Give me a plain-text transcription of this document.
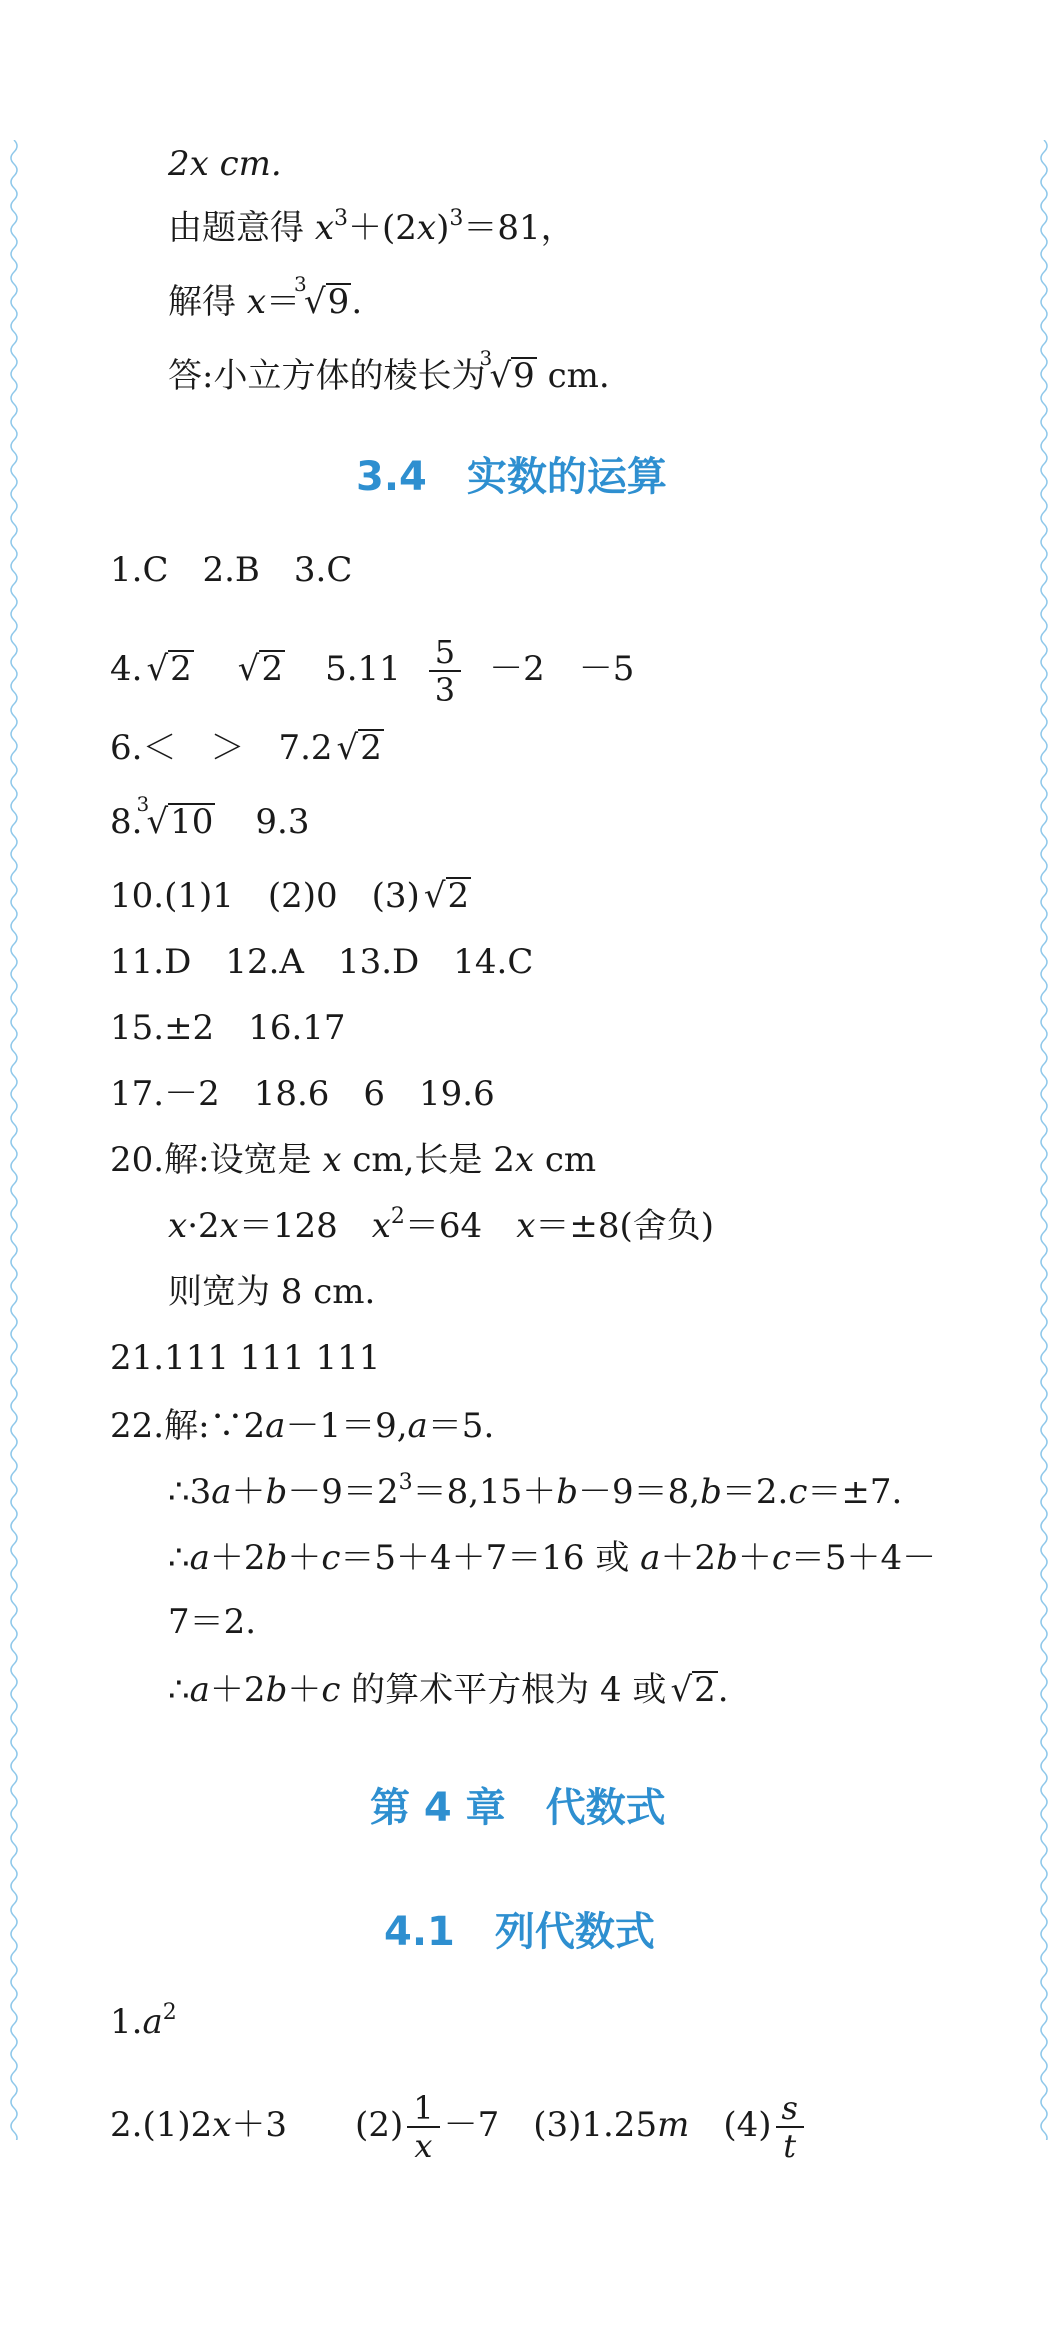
2x cm.
由题意得 $x^3+(2x)^3=81$，
解得 x＝
3
√9.
答:小立方体的棱长为
3
√9 cm.
3.4　实数的运算
1.C　2.B　3.C
4. √2 √2 $5.11 \frac{5}{3} -2$　－5
6.＜　＞　7.2 √2
8.
3
√10 9.3
10.(1)1　(2)0　(3) √2
11.D　12.A　13.D　14.C
15.±2　16.17
17.－2　18.6　6　19.6
20.解:设宽是 x cm,长是 2x cm
x·2x＝128　$x^2=64$　x＝±8(舍负)
则宽为 8 cm.
21.111 111 111
22.解:∵2a－1＝9,a＝5.
$\therefore 3a+b-9=2^3=8,15+b-9=8,b=2.c=\pm 7$.
∴a＋2b＋c＝5＋4＋7＝16 或 a＋2b＋c＝5＋4－
7＝2.
∴a＋2b＋c 的算术平方根为 4 或 √2.
第 4 章　代数式
4.1　列代数式
$1.a^2$
2.(1)2x＋3　　$(2) \frac{1}{x} -7$　(3)1.25m　$(4) \frac{s}{t}$
